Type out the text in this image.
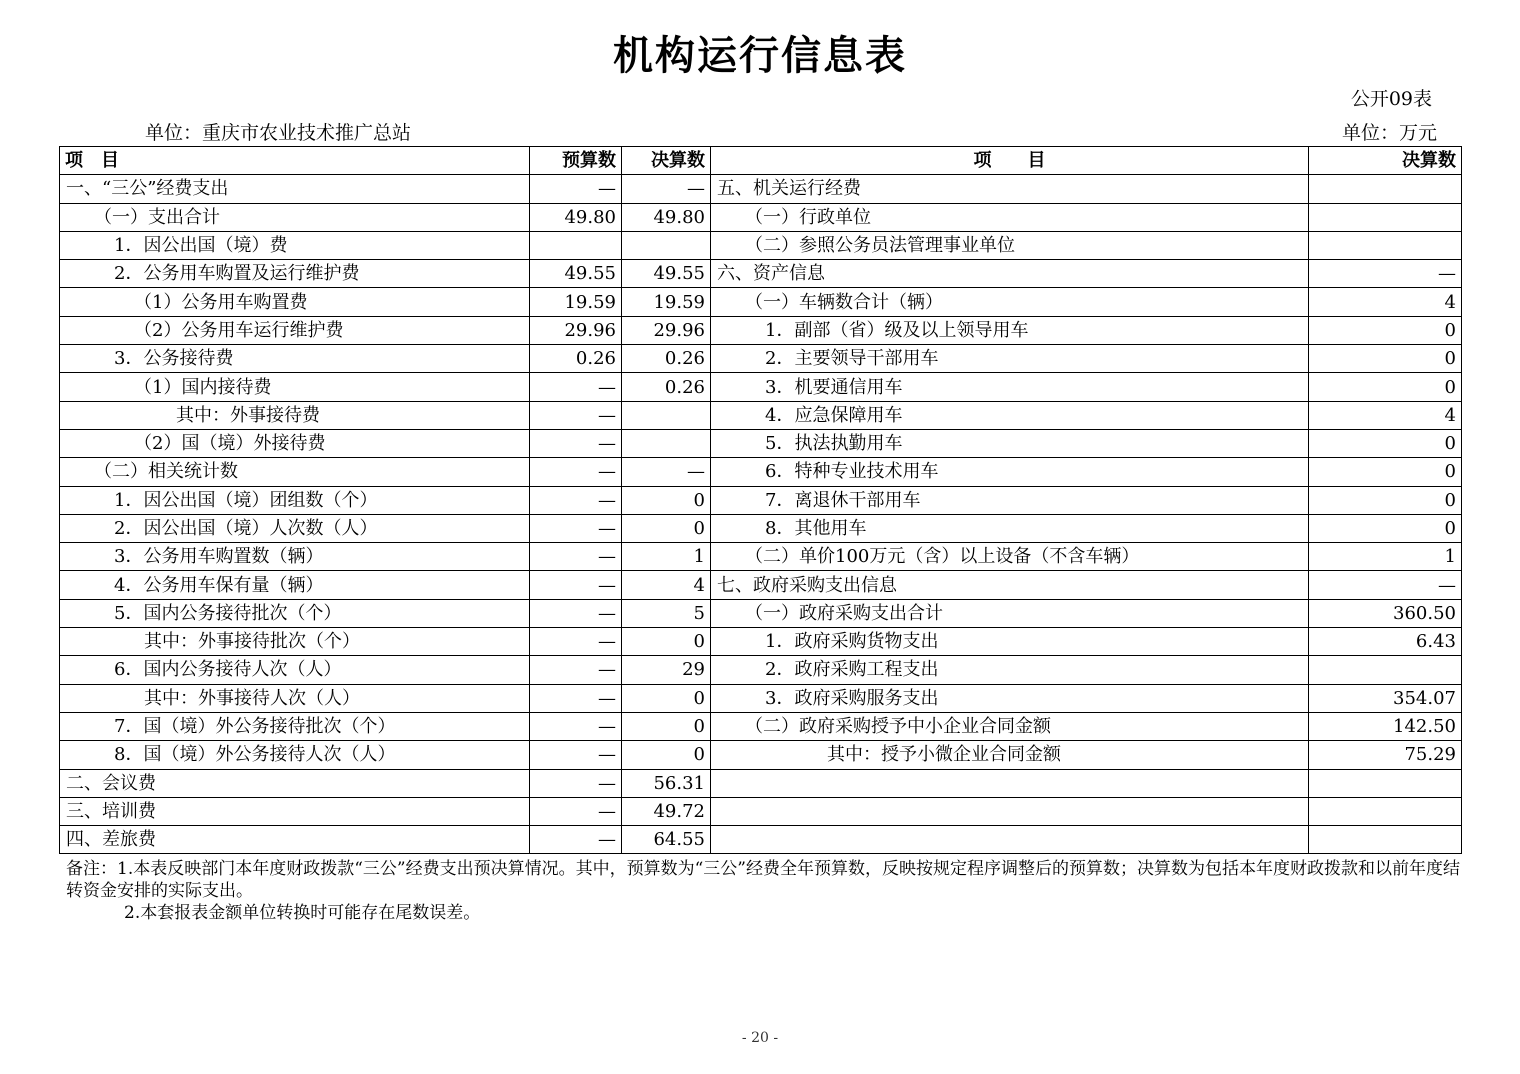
机构运行信息表
公开09表
单位：重庆市农业技术推广总站	单位：万元
项　目	预算数	决算数	项　　目	决算数
一、“三公”经费支出	—	—	五、机关运行经费	
（一）支出合计	49.80	49.80	（一）行政单位	
1．因公出国（境）费			（二）参照公务员法管理事业单位	
2．公务用车购置及运行维护费	49.55	49.55	六、资产信息	—
（1）公务用车购置费	19.59	19.59	（一）车辆数合计（辆）	4
（2）公务用车运行维护费	29.96	29.96	1．副部（省）级及以上领导用车	0
3．公务接待费	0.26	0.26	2．主要领导干部用车	0
（1）国内接待费	—	0.26	3．机要通信用车	0
其中：外事接待费	—		4．应急保障用车	4
（2）国（境）外接待费	—		5．执法执勤用车	0
（二）相关统计数	—	—	6．特种专业技术用车	0
1．因公出国（境）团组数（个）	—	0	7．离退休干部用车	0
2．因公出国（境）人次数（人）	—	0	8．其他用车	0
3．公务用车购置数（辆）	—	1	（二）单价100万元（含）以上设备（不含车辆）	1
4．公务用车保有量（辆）	—	4	七、政府采购支出信息	—
5．国内公务接待批次（个）	—	5	（一）政府采购支出合计	360.50
其中：外事接待批次（个）	—	0	1．政府采购货物支出	6.43
6．国内公务接待人次（人）	—	29	2．政府采购工程支出	
其中：外事接待人次（人）	—	0	3．政府采购服务支出	354.07
7．国（境）外公务接待批次（个）	—	0	（二）政府采购授予中小企业合同金额	142.50
8．国（境）外公务接待人次（人）	—	0	其中：授予小微企业合同金额	75.29
二、会议费	—	56.31		
三、培训费	—	49.72		
四、差旅费	—	64.55		
备注：1.本表反映部门本年度财政拨款“三公”经费支出预决算情况。其中，预算数为“三公”经费全年预算数，反映按规定程序调整后的预算数；决算数为包括本年度财政拨款和以前年度结转资金安排的实际支出。
2.本套报表金额单位转换时可能存在尾数误差。
- 20 -
